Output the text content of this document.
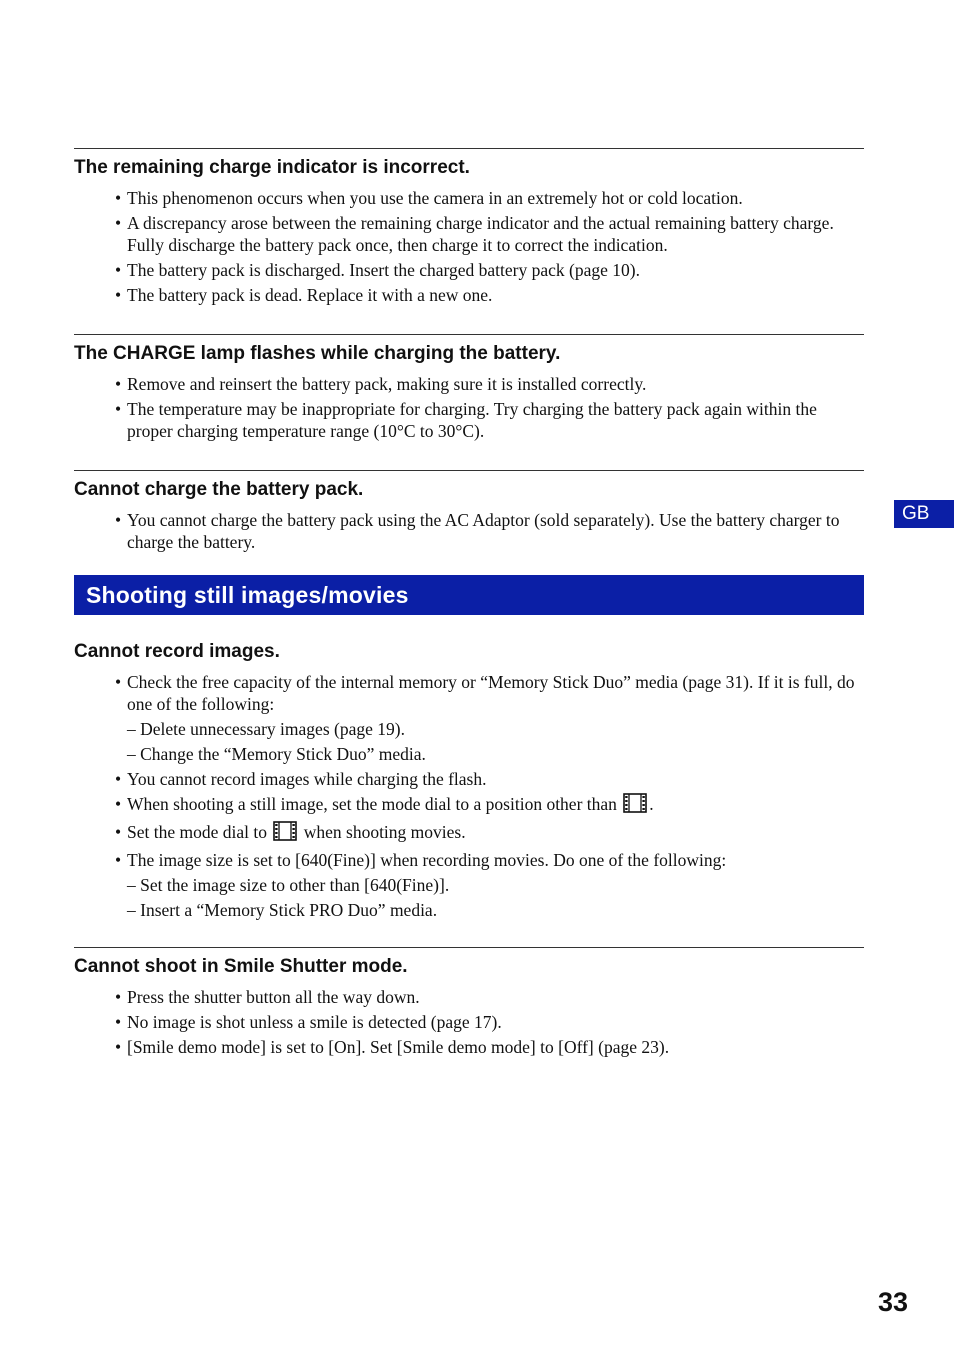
The remaining charge indicator is incorrect.
• This phenomenon occurs when you use the camera in an extremely hot or cold location.
• A discrepancy arose between the remaining charge indicator and the actual remaining battery charge. Fully discharge the battery pack once, then charge it to correct the indication.
• The battery pack is discharged. Insert the charged battery pack (page 10).
• The battery pack is dead. Replace it with a new one.
The CHARGE lamp flashes while charging the battery.
• Remove and reinsert the battery pack, making sure it is installed correctly.
• The temperature may be inappropriate for charging. Try charging the battery pack again within the proper charging temperature range (10°C to 30°C).
Cannot charge the battery pack.
• You cannot charge the battery pack using the AC Adaptor (sold separately). Use the battery charger to charge the battery.
Shooting still images/movies
Cannot record images.
• Check the free capacity of the internal memory or “Memory Stick Duo” media (page 31). If it is full, do one of the following:
– Delete unnecessary images (page 19).
– Change the “Memory Stick Duo” media.
• You cannot record images while charging the flash.
• When shooting a still image, set the mode dial to a position other than .
• Set the mode dial to  when shooting movies.
• The image size is set to [640(Fine)] when recording movies. Do one of the following:
– Set the image size to other than [640(Fine)].
– Insert a “Memory Stick PRO Duo” media.
Cannot shoot in Smile Shutter mode.
• Press the shutter button all the way down.
• No image is shot unless a smile is detected (page 17).
• [Smile demo mode] is set to [On]. Set [Smile demo mode] to [Off] (page 23).
GB
33
